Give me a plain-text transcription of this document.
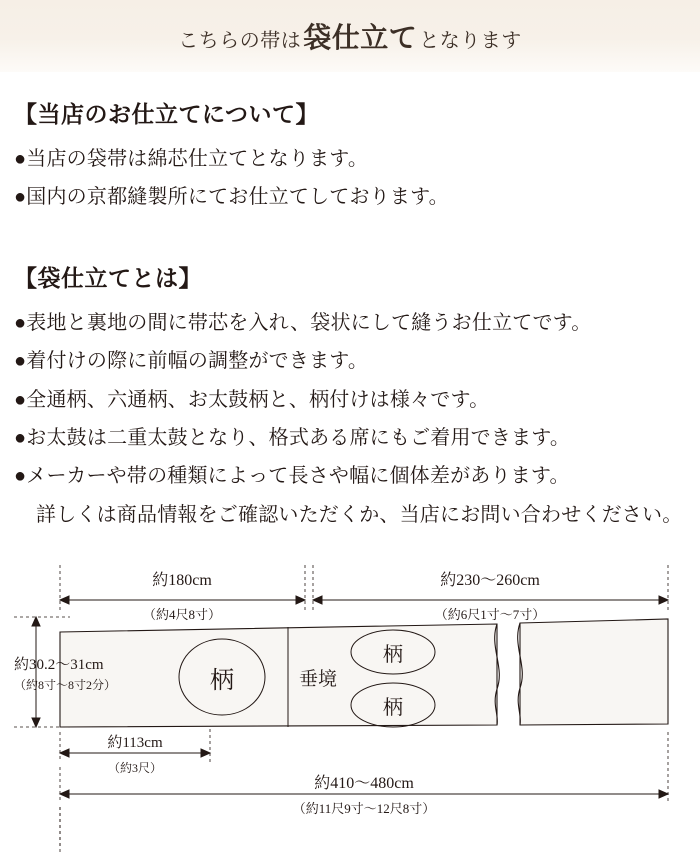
こちらの帯は 袋仕立て となります
【当店のお仕立てについて】

●当店の袋帯は綿芯仕立てとなります。

●国内の京都縫製所にてお仕立てしております。

【袋仕立てとは】

●表地と裏地の間に帯芯を入れ、袋状にして縫うお仕立てです。

●着付けの際に前幅の調整ができます。

●全通柄、六通柄、お太鼓柄と、柄付けは様々です。

●お太鼓は二重太鼓となり、格式ある席にもご着用できます。

●メーカーや帯の種類によって長さや幅に個体差があります。

詳しくは商品情報をご確認いただくか、当店にお問い合わせください。

約180cm
（約4尺8寸）
約230〜260cm
（約6尺1寸〜7寸）
約30.2〜31cm
（約8寸〜8寸2分）
約113cm
（約3尺）
約410〜480cm
（約11尺9寸〜12尺8寸）
柄
柄
柄
垂境
